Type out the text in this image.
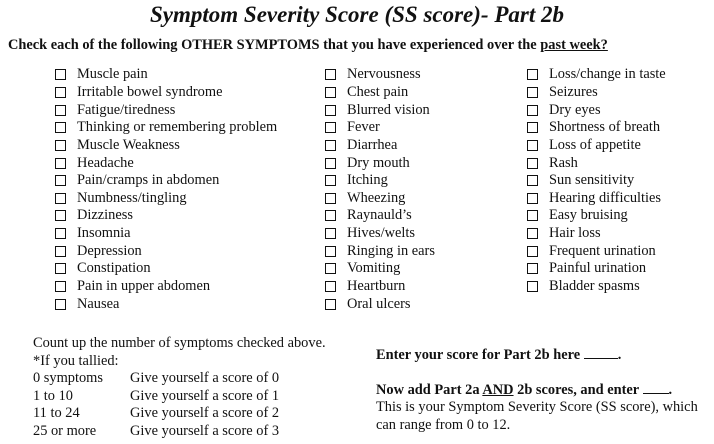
Symptom Severity Score (SS score)- Part 2b
Check each of the following OTHER SYMPTOMS that you have experienced over the past week?
Muscle pain
Irritable bowel syndrome
Fatigue/tiredness
Thinking or remembering problem
Muscle Weakness
Headache
Pain/cramps in abdomen
Numbness/tingling
Dizziness
Insomnia
Depression
Constipation
Pain in upper abdomen
Nausea
Nervousness
Chest pain
Blurred vision
Fever
Diarrhea
Dry mouth
Itching
Wheezing
Raynauld’s
Hives/welts
Ringing in ears
Vomiting
Heartburn
Oral ulcers
Loss/change in taste
Seizures
Dry eyes
Shortness of breath
Loss of appetite
Rash
Sun sensitivity
Hearing difficulties
Easy bruising
Hair loss
Frequent urination
Painful urination
Bladder spasms
Count up the number of symptoms checked above.
*If you tallied:
0 symptoms	Give yourself a score of 0
1 to 10	Give yourself a score of 1
11 to 24	Give yourself a score of 2
25 or more	Give yourself a score of 3
Enter your score for Part 2b here	.
Now add Part 2a AND 2b scores, and enter .
This is your Symptom Severity Score (SS score), which
can range from 0 to 12.
